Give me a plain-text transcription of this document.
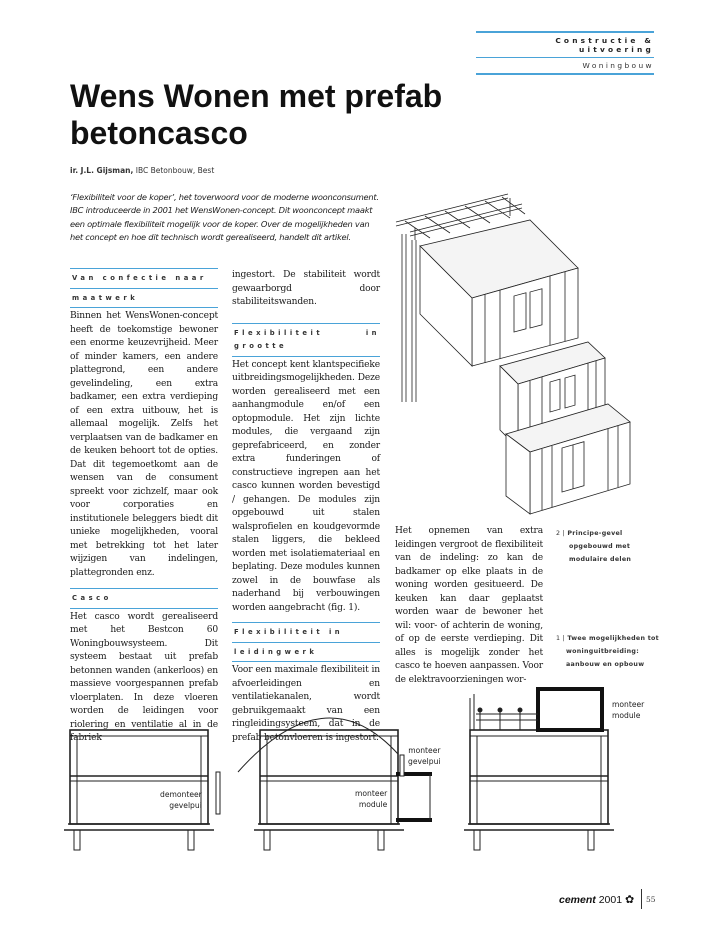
Constructie & uitvoering
Woningbouw
Wens Wonen met prefab betoncasco
ir. J.L. Gijsman, IBC Betonbouw, Best
‘Flexibiliteit voor de koper’, het toverwoord voor de moderne woonconsument. IBC introduceerde in 2001 het WensWonen-concept. Dit woonconcept maakt een optimale flexibiliteit mogelijk voor de koper. Over de mogelijkheden van het concept en hoe dit technisch wordt gerealiseerd, handelt dit artikel.
Van confectie naar
maatwerk

Binnen het WensWonen-concept heeft de toekomstige bewoner een enorme keuzevrijheid. Meer of minder kamers, een andere plattegrond, een andere gevelindeling, een extra badkamer, een extra verdieping of een extra uitbouw, het is allemaal mogelijk. Zelfs het verplaatsen van de badkamer en de keuken behoort tot de opties. Dat dit tegemoetkomt aan de wensen van de consument spreekt voor zichzelf, maar ook voor corporaties en institutionele beleggers biedt dit unieke mogelijkheden, vooral met betrekking tot het later wijzigen van indelingen, plattegronden enz.

Casco

Het casco wordt gerealiseerd met het Bestcon 60 Woningbouwsysteem. Dit systeem bestaat uit prefab betonnen wanden (ankerloos) en massieve voorgespannen prefab vloerplaten. In deze vloeren worden de leidingen voor riolering en ventilatie al in de fabriek

ingestort. De stabiliteit wordt gewaarborgd door stabiliteitswanden.

Flexibiliteit in grootte

Het concept kent klantspecifieke uitbreidingsmogelijkheden. Deze worden gerealiseerd met een aanhangmodule en/of een optopmodule. Het zijn lichte modules, die vergaand zijn geprefabriceerd, en zonder extra funderingen of constructieve ingrepen aan het casco kunnen worden bevestigd / gehangen. De modules zijn opgebouwd uit stalen walsprofielen en koudgevormde stalen liggers, die bekleed worden met isolatiemateriaal en beplating. Deze modules kunnen zowel in de bouwfase als naderhand bij verbouwingen worden aangebracht (fig. 1).

Flexibiliteit in
leidingwerk

Voor een maximale flexibiliteit in afvoerleidingen en ventilatiekanalen, wordt gebruikgemaakt van een ringleidingsysteem, dat in de prefab betonvloeren is ingestort.

Het opnemen van extra leidingen vergroot de flexibiliteit van de indeling: zo kan de badkamer op elke plaats in de woning worden gesitueerd. De keuken kan daar geplaatst worden waar de bewoner het wil: voor- of achterin de woning, of op de eerste verdieping. Dit alles is mogelijk zonder het casco te hoeven aanpassen. Voor de elektravoorzieningen wor-

2 | Principe-gevel
opgebouwd met
modulaire delen
1 | Twee mogelijkheden tot
woninguitbreiding:
aanbouw en opbouw
demonteer
gevelpui
monteer
gevelpui
monteer
module
monteer
module
cement 2001 ✿ 55
